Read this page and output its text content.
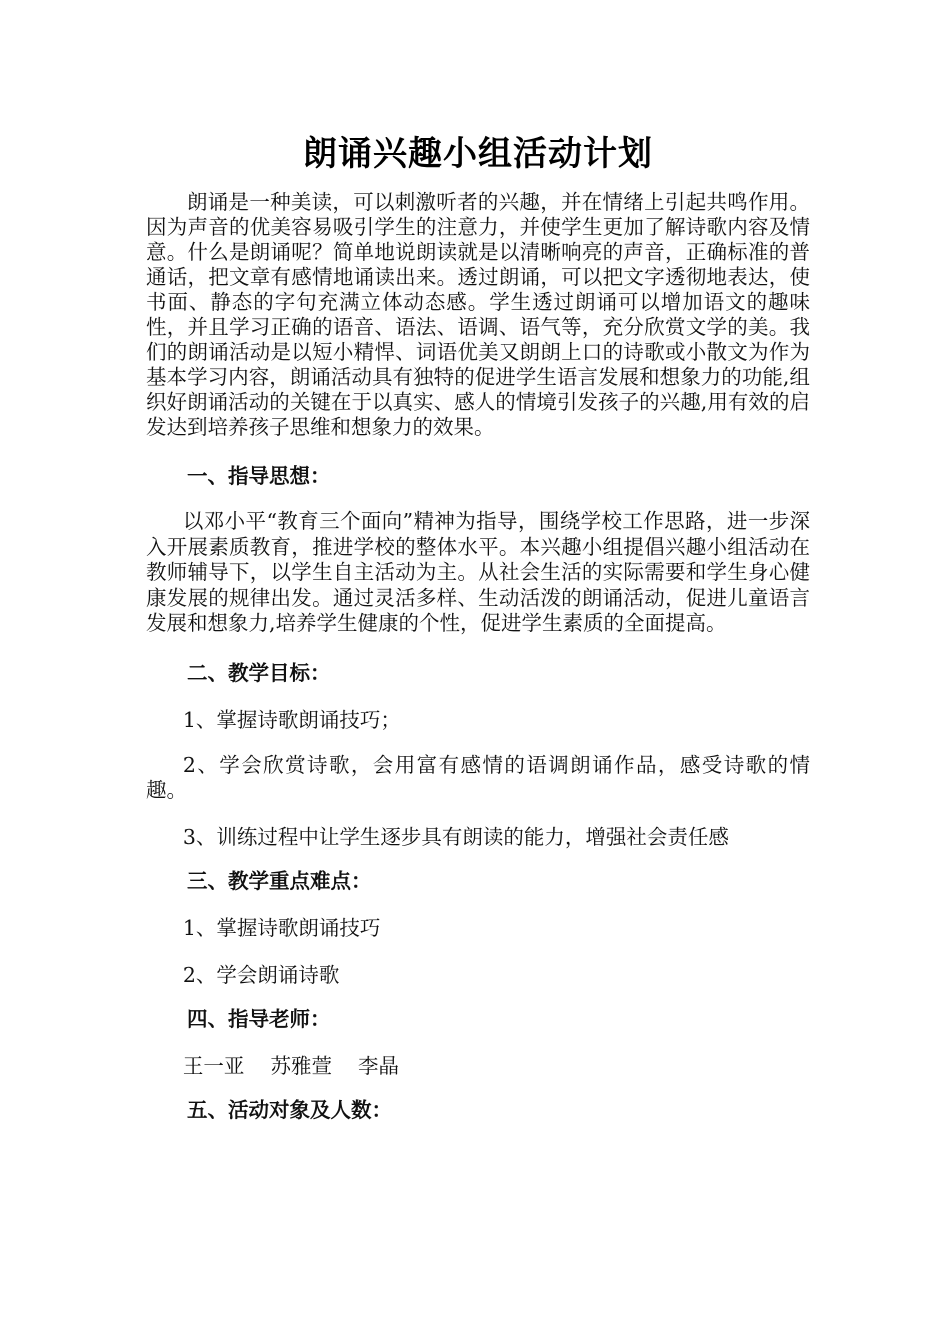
朗诵兴趣小组活动计划

朗诵是一种美读，可以刺激听者的兴趣，并在情绪上引起共鸣作用。因为声音的优美容易吸引学生的注意力，并使学生更加了解诗歌内容及情意。什么是朗诵呢？简单地说朗读就是以清晰响亮的声音，正确标准的普通话，把文章有感情地诵读出来。透过朗诵，可以把文字透彻地表达，使书面、静态的字句充满立体动态感。学生透过朗诵可以增加语文的趣味性，并且学习正确的语音、语法、语调、语气等，充分欣赏文学的美。我们的朗诵活动是以短小精悍、词语优美又朗朗上口的诗歌或小散文为作为基本学习内容，朗诵活动具有独特的促进学生语言发展和想象力的功能,组织好朗诵活动的关键在于以真实、感人的情境引发孩子的兴趣,用有效的启发达到培养孩子思维和想象力的效果。

一、指导思想：

以邓小平“教育三个面向”精神为指导，围绕学校工作思路，进一步深入开展素质教育，推进学校的整体水平。本兴趣小组提倡兴趣小组活动在教师辅导下，以学生自主活动为主。从社会生活的实际需要和学生身心健康发展的规律出发。通过灵活多样、生动活泼的朗诵活动，促进儿童语言发展和想象力,培养学生健康的个性，促进学生素质的全面提高。

二、教学目标：

1、掌握诗歌朗诵技巧；

2、学会欣赏诗歌，会用富有感情的语调朗诵作品，感受诗歌的情趣。

3、训练过程中让学生逐步具有朗读的能力，增强社会责任感

三、教学重点难点：

1、掌握诗歌朗诵技巧

2、学会朗诵诗歌

四、指导老师：

王一亚    苏雅萱    李晶

五、活动对象及人数：
